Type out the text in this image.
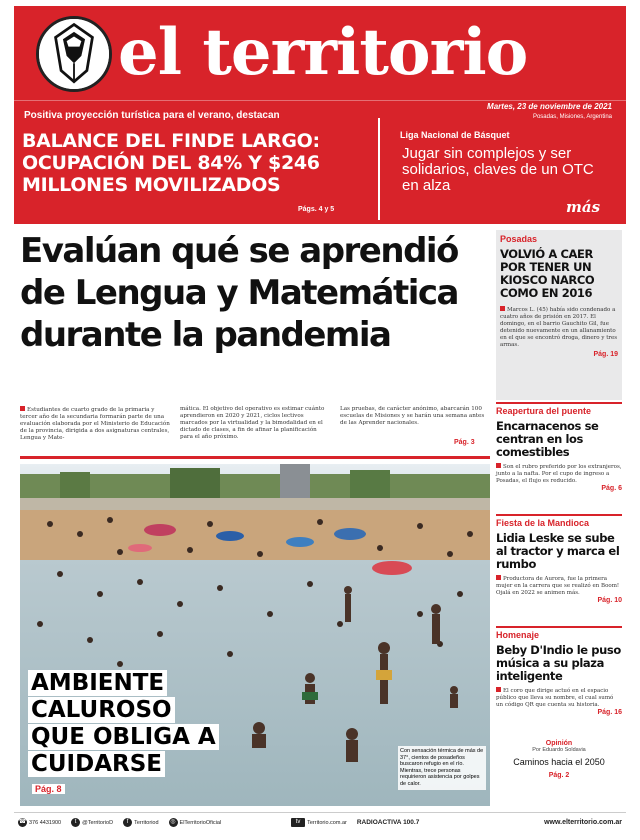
el territorio
Martes, 23 de noviembre de 2021
Posadas, Misiones, Argentina
Positiva proyección turística para el verano, destacan
BALANCE DEL FINDE LARGO: OCUPACIÓN DEL 84% Y $246 MILLONES MOVILIZADOS
Págs. 4 y 5
Liga Nacional de Básquet
Jugar sin complejos y ser solidarios, claves de un OTC en alza
más
Evalúan qué se aprendió de Lengua y Matemática durante la pandemia
Estudiantes de cuarto grado de la primaria y tercer año de la secundaria formarán parte de una evaluación elaborada por el Ministerio de Educación de la provincia, dirigida a dos asignaturas centrales, Lengua y Mate-
mática. El objetivo del operativo es estimar cuánto aprendieron en 2020 y 2021, ciclos lectivos marcados por la virtualidad y la bimodalidad en el dictado de clases, a fin de afinar la planificación para el año próximo.
Las pruebas, de carácter anónimo, abarcarán 100 escuelas de Misiones y se harán una semana antes de las Aprender nacionales.
Pág. 3
AMBIENTE CALUROSO QUE OBLIGA A CUIDARSE
Pág. 8
Con sensación térmica de más de 37°, cientos de posadeños buscaron refugio en el río. Mientras, trece personas requirieron asistencia por golpes de calor.
Posadas
VOLVIÓ A CAER POR TENER UN KIOSCO NARCO COMO EN 2016
Marcos L. (45) había sido condenado a cuatro años de prisión en 2017. El domingo, en el barrio Gauchito Gil, fue detenido nuevamente en un allanamiento en el que se encontró droga, dinero y tres armas.
Pág. 19
Reapertura del puente
Encarnacenos se centran en los comestibles
Son el rubro preferido por los extranjeros, junto a la nafta. Por el cupo de ingreso a Posadas, el flujo es reducido.
Pág. 6
Fiesta de la Mandioca
Lidia Leske se sube al tractor y marca el rumbo
Productora de Aurora, fue la primera mujer en la carrera que se realizó en Boom! Ojalá en 2022 se animen más.
Pág. 10
Homenaje
Beby D'Indio le puso música a su plaza inteligente
El coro que dirige actuó en el espacio público que lleva su nombre, el cual sumó un código QR que cuenta su historia.
Pág. 16
Opinión
Por Eduardo Soldavia
Caminos hacia el 2050
Pág. 2
☎ 376 4431900	t @TerritorioD	f Territoriod	◎ ElTerritorioOficial	tv Territorio.com.ar RADIOACTIVA 100.7	www.elterritorio.com.ar
